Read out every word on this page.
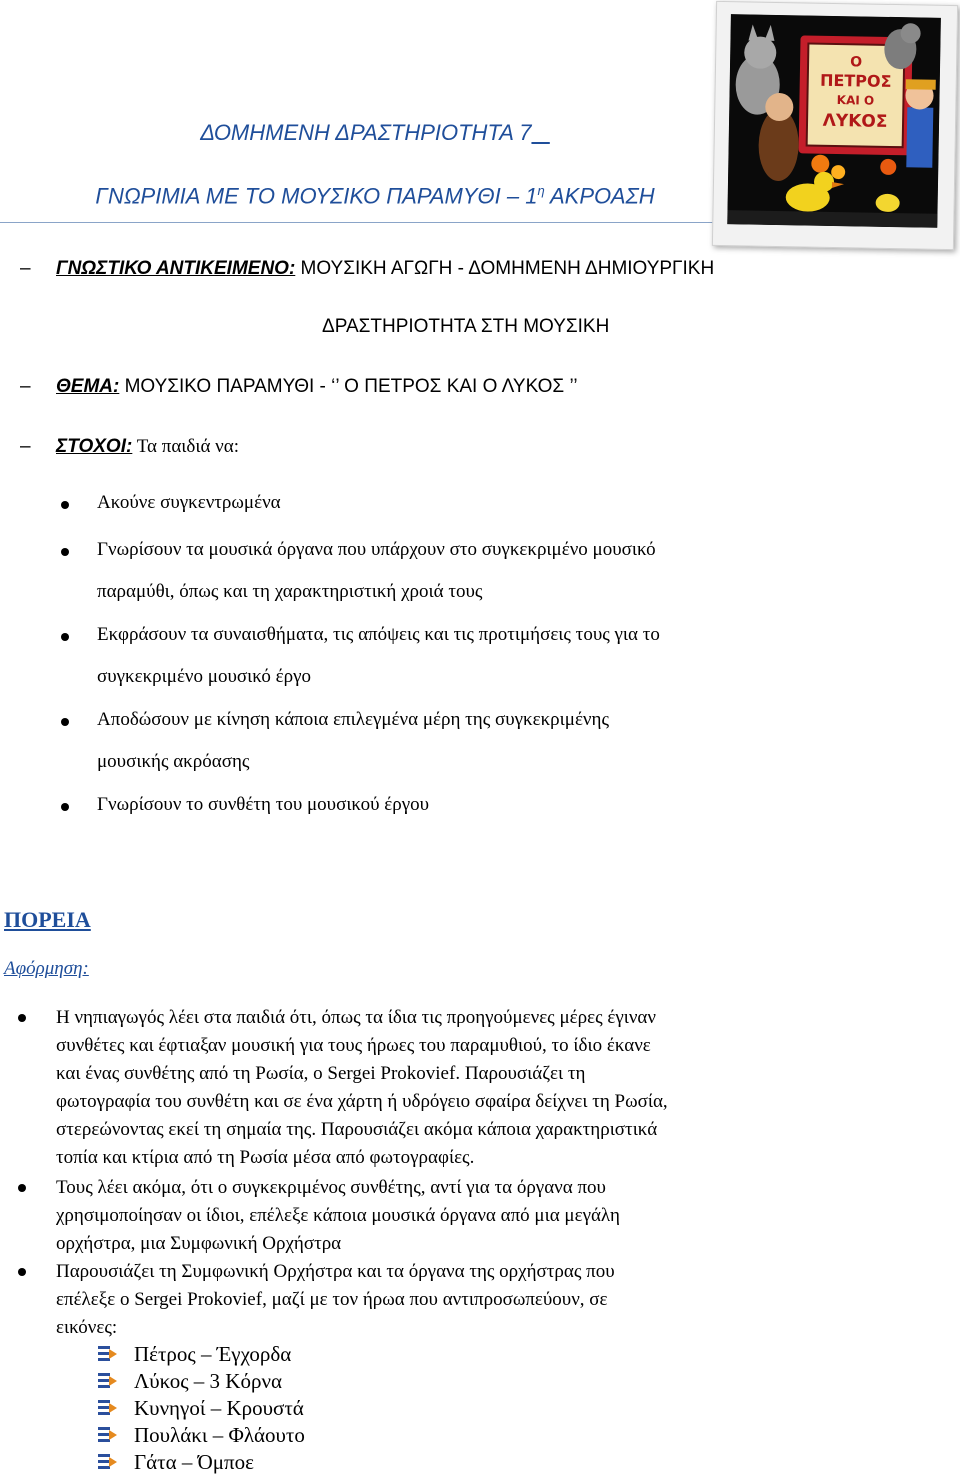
ΔΟΜΗΜΕΝΗ ΔΡΑΣΤΗΡΙΟΤΗΤΑ 7
ΓΝΩΡΙΜΙΑ ΜΕ ΤΟ ΜΟΥΣΙΚΟ ΠΑΡΑΜΥΘΙ – $1^\eta$ ΑΚΡΟΑΣΗ
Ο
ΠΕΤΡΟΣ
ΚΑΙ Ο
ΛΥΚΟΣ
– ΓΝΩΣΤΙΚΟ ΑΝΤΙΚΕΙΜΕΝΟ: ΜΟΥΣΙΚΗ ΑΓΩΓΗ - ΔΟΜΗΜΕΝΗ ΔΗΜΙΟΥΡΓΙΚΗ
ΔΡΑΣΤΗΡΙΟΤΗΤΑ ΣΤΗ ΜΟΥΣΙΚΗ
– ΘΕΜΑ: ΜΟΥΣΙΚΟ ΠΑΡΑΜΥΘΙ - ‘’ Ο ΠΕΤΡΟΣ ΚΑΙ Ο ΛΥΚΟΣ ’’
– ΣΤΟΧΟΙ: Τα παιδιά να:
Ακούνε συγκεντρωμένα
Γνωρίσουν τα μουσικά όργανα που υπάρχουν στο συγκεκριμένο μουσικό
παραμύθι, όπως και τη χαρακτηριστική χροιά τους
Εκφράσουν τα συναισθήματα, τις απόψεις και τις προτιμήσεις τους για το
συγκεκριμένο μουσικό έργο
Αποδώσουν με κίνηση κάποια επιλεγμένα μέρη της συγκεκριμένης
μουσικής ακρόασης
Γνωρίσουν το συνθέτη του μουσικού έργου
ΠΟΡΕΙΑ
Αφόρμηση:
Η νηπιαγωγός λέει στα παιδιά ότι, όπως τα ίδια τις προηγούμενες μέρες έγιναν
συνθέτες και έφτιαξαν μουσική για τους ήρωες του παραμυθιού, το ίδιο έκανε
και ένας συνθέτης από τη Ρωσία, ο Sergei Prokovief. Παρουσιάζει τη
φωτογραφία του συνθέτη και σε ένα χάρτη ή υδρόγειο σφαίρα δείχνει τη Ρωσία,
στερεώνοντας εκεί τη σημαία της. Παρουσιάζει ακόμα κάποια χαρακτηριστικά
τοπία και κτίρια από τη Ρωσία μέσα από φωτογραφίες.
Τους λέει ακόμα, ότι ο συγκεκριμένος συνθέτης, αντί για τα όργανα που
χρησιμοποίησαν οι ίδιοι, επέλεξε κάποια μουσικά όργανα από μια μεγάλη
ορχήστρα, μια Συμφωνική Ορχήστρα
Παρουσιάζει τη Συμφωνική Ορχήστρα και τα όργανα της ορχήστρας που
επέλεξε ο Sergei Prokovief, μαζί με τον ήρωα που αντιπροσωπεύουν, σε
εικόνες:
Πέτρος – Έγχορδα
Λύκος – 3 Κόρνα
Κυνηγοί – Κρουστά
Πουλάκι – Φλάουτο
Γάτα – Όμποε
